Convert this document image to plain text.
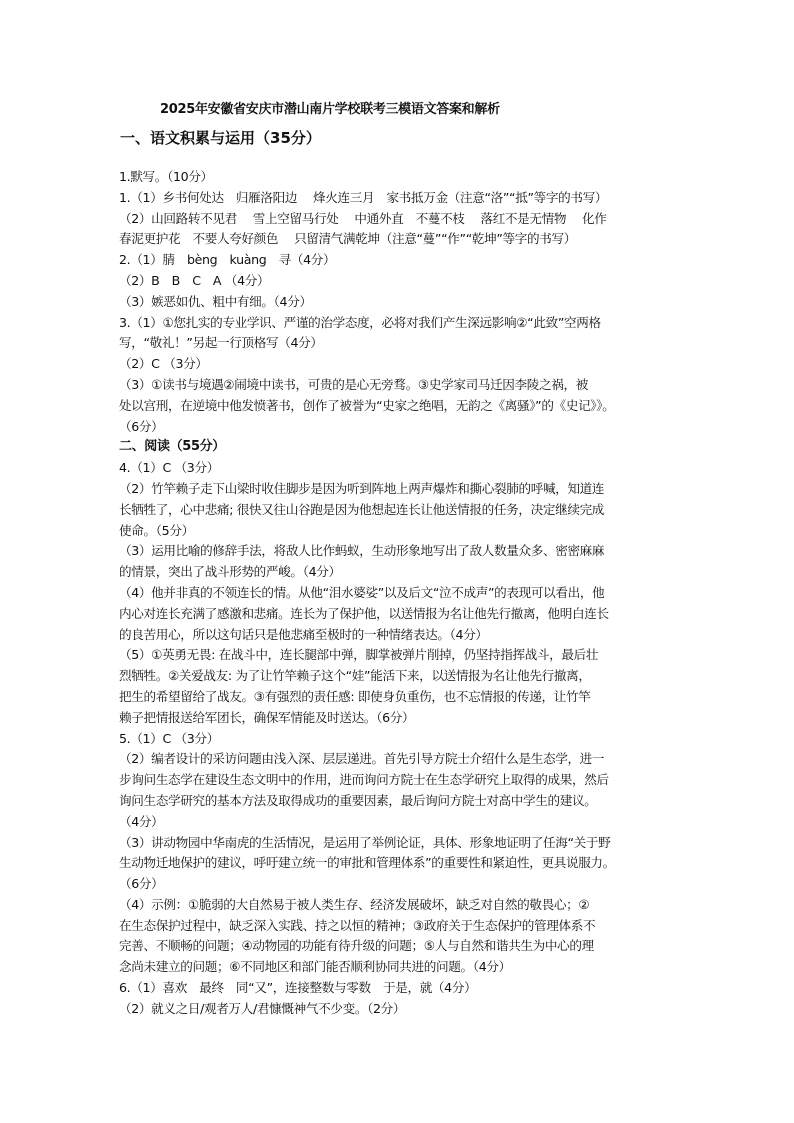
2025年安徽省安庆市潜山南片学校联考三模语文答案和解析
一、语文积累与运用（35分）
1.默写。（10分）
1.（1）乡书何处达　归雁洛阳边　 烽火连三月　家书抵万金（注意“洛”“抵”等字的书写）
（2）山回路转不见君　 雪上空留马行处　 中通外直　不蔓不枝　 落红不是无情物　 化作
春泥更护花　不要人夸好颜色　 只留清气满乾坤（注意“蔓”“作”“乾坤”等字的书写）
2.（1）腈　bèng　kuàng　寻（4分）
（2）B　B　C　A （4分）
（3）嫉恶如仇、粗中有细。（4分）
3.（1）①您扎实的专业学识、严谨的治学态度，必将对我们产生深远影响②“此致”空两格
写，“敬礼！”另起一行顶格写（4分）
（2）C （3分）
（3）①读书与境遇②闹境中读书，可贵的是心无旁骛。③史学家司马迁因李陵之祸，被
处以宫刑，在逆境中他发愤著书，创作了被誉为“史家之绝唱，无韵之《离骚》”的《史记》》。
（6分）
二、阅读（55分）
4.（1）C （3分）
（2）竹竿赖子走下山梁时收住脚步是因为听到阵地上两声爆炸和撕心裂肺的呼喊，知道连
长牺牲了，心中悲痛; 很快又往山谷跑是因为他想起连长让他送情报的任务，决定继续完成
使命。（5分）
（3）运用比喻的修辞手法，将敌人比作蚂蚁，生动形象地写出了敌人数量众多、密密麻麻
的情景，突出了战斗形势的严峻。（4分）
（4）他并非真的不领连长的情。从他“泪水婆娑”以及后文“泣不成声”的表现可以看出，他
内心对连长充满了感激和悲痛。连长为了保护他，以送情报为名让他先行撤离，他明白连长
的良苦用心，所以这句话只是他悲痛至极时的一种情绪表达。（4分）
（5）①英勇无畏: 在战斗中，连长腿部中弹，脚掌被弹片削掉，仍坚持指挥战斗，最后壮
烈牺牲。②关爱战友: 为了让竹竿赖子这个“娃”能活下来，以送情报为名让他先行撤离，
把生的希望留给了战友。③有强烈的责任感: 即使身负重伤，也不忘情报的传递，让竹竿
赖子把情报送给军团长，确保军情能及时送达。（6分）
5.（1）C （3分）
（2）编者设计的采访问题由浅入深、层层递进。首先引导方院士介绍什么是生态学，进一
步询问生态学在建设生态文明中的作用，进而询问方院士在生态学研究上取得的成果，然后
询问生态学研究的基本方法及取得成功的重要因素，最后询问方院士对高中学生的建议。
（4分）
（3）讲动物园中华南虎的生活情况，是运用了举例论证，具体、形象地证明了任海“关于野
生动物迁地保护的建议，呼吁建立统一的审批和管理体系”的重要性和紧迫性，更具说服力。
（6分）
（4）示例：①脆弱的大自然易于被人类生存、经济发展破坏，缺乏对自然的敬畏心；②
在生态保护过程中，缺乏深入实践、持之以恒的精神；③政府关于生态保护的管理体系不
完善、不顺畅的问题；④动物园的功能有待升级的问题；⑤人与自然和谐共生为中心的理
念尚未建立的问题；⑥不同地区和部门能否顺利协同共进的问题。（4分）
6.（1）喜欢　最终　同“又”，连接整数与零数　于是，就（4分）
（2）就义之日/观者万人/君慷慨神气不少变。（2分）
